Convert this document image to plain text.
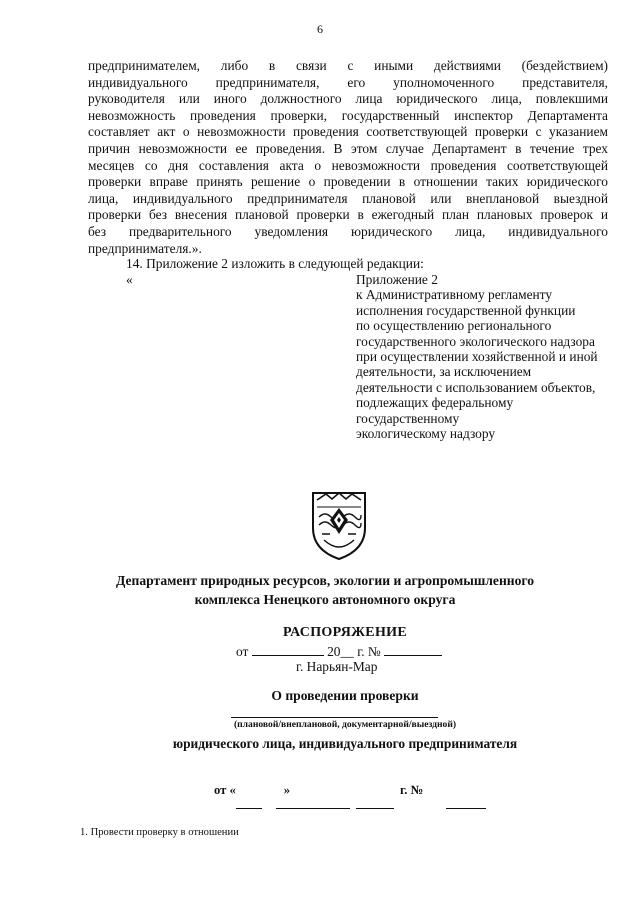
6
предпринимателем, либо в связи с иными действиями (бездействием)
индивидуального предпринимателя, его уполномоченного представителя,
руководителя или иного должностного лица юридического лица, повлекшими
невозможность проведения проверки, государственный инспектор Департамента
составляет акт о невозможности проведения соответствующей проверки с указанием
причин невозможности ее проведения. В этом случае Департамент в течение трех
месяцев со дня составления акта о невозможности проведения соответствующей
проверки вправе принять решение о проведении в отношении таких юридического
лица, индивидуального предпринимателя плановой или внеплановой выездной
проверки без внесения плановой проверки в ежегодный план плановых проверок и
без предварительного уведомления юридического лица, индивидуального
предпринимателя.».
14. Приложение 2 изложить в следующей редакции:
«	Приложение 2
к Административному регламенту
исполнения государственной функции
по осуществлению регионального
государственного экологического надзора
при осуществлении хозяйственной и иной
деятельности, за исключением
деятельности с использованием объектов,
подлежащих федеральному
государственному
экологическому надзору
Департамент природных ресурсов, экологии и агропромышленного
комплекса Ненецкого автономного округа
РАСПОРЯЖЕНИЕ
от	20__ г. №
г. Нарьян-Мар
О проведении проверки
(плановой/внеплановой, документарной/выездной)
юридического лица, индивидуального предпринимателя
от «	»	г. №
1. Провести проверку в отношении
